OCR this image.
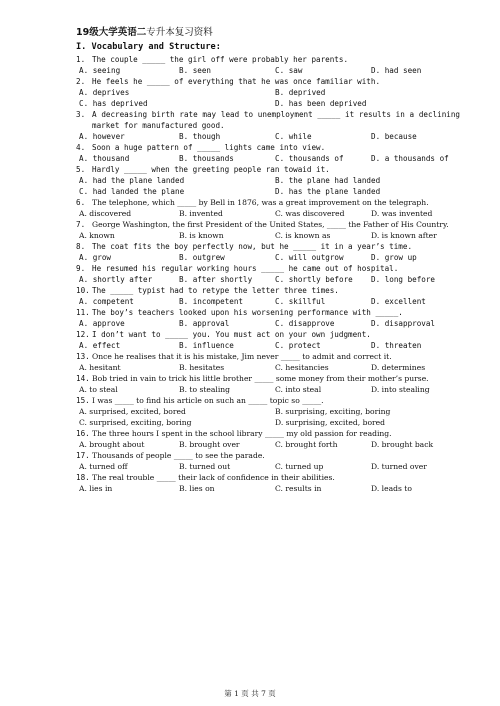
19级大学英语二专升本复习资料
I. Vocabulary and Structure:
1. The couple _____ the girl off were probably her parents.
A. seeing	B. seen	C. saw	D. had seen
2. He feels he _____ of everything that he was once familiar with.
A. deprives	B. deprived
C. has deprived	D. has been deprived
3. A decreasing birth rate may lead to unemployment _____ it results in a declining market for manufactured good.
A. however	B. though	C. while	D. because
4. Soon a huge pattern of _____ lights came into view.
A. thousand	B. thousands	C. thousands of	D. a thousands of
5. Hardly _____ when the greeting people ran towaid it.
A. had the plane landed	B. the plane had landed
C. had landed the plane	D. has the plane landed
6. The telephone, which _____ by Bell in 1876, was a great improvement on the telegraph.
A. discovered	B. invented	C. was discovered	D. was invented
7. George Washington, the first President of the United States, _____ the Father of His Country.
A. known	B. is known	C. is known as	D. is known after
8. The coat fits the boy perfectly now, but he _____ it in a year’s time.
A. grow	B. outgrew	C. will outgrow	D. grow up
9. He resumed his regular working hours _____ he came out of hospital.
A. shortly after	B. after shortly	C. shortly before	D. long before
10. The _____ typist had to retype the letter three times.
A. competent	B. incompetent	C. skillful	D. excellent
11. The boy’s teachers looked upon his worsening performance with _____.
A. approve	B. approval	C. disapprove	D. disapproval
12. I don’t want to _____ you. You must act on your own judgment.
A. effect	B. influence	C. protect	D. threaten
13. Once he realises that it is his mistake, Jim never _____ to admit and correct it.
A. hesitant	B. hesitates	C. hesitancies	D. determines
14. Bob tried in vain to trick his little brother _____ some money from their mother’s purse.
A. to steal	B. to stealing	C. into steal	D. into stealing
15. I was _____ to find his article on such an _____ topic so _____.
A. surprised, excited, bored	B. surprising, exciting, boring
C. surprised, exciting, boring	D. surprising, excited, bored
16. The three hours I spent in the school library _____ my old passion for reading.
A. brought about	B. brought over	C. brought forth	D. brought back
17. Thousands of people _____ to see the parade.
A. turned off	B. turned out	C. turned up	D. turned over
18. The real trouble _____ their lack of confidence in their abilities.
A. lies in	B. lies on	C. results in	D. leads to
第 1 页 共 7 页
